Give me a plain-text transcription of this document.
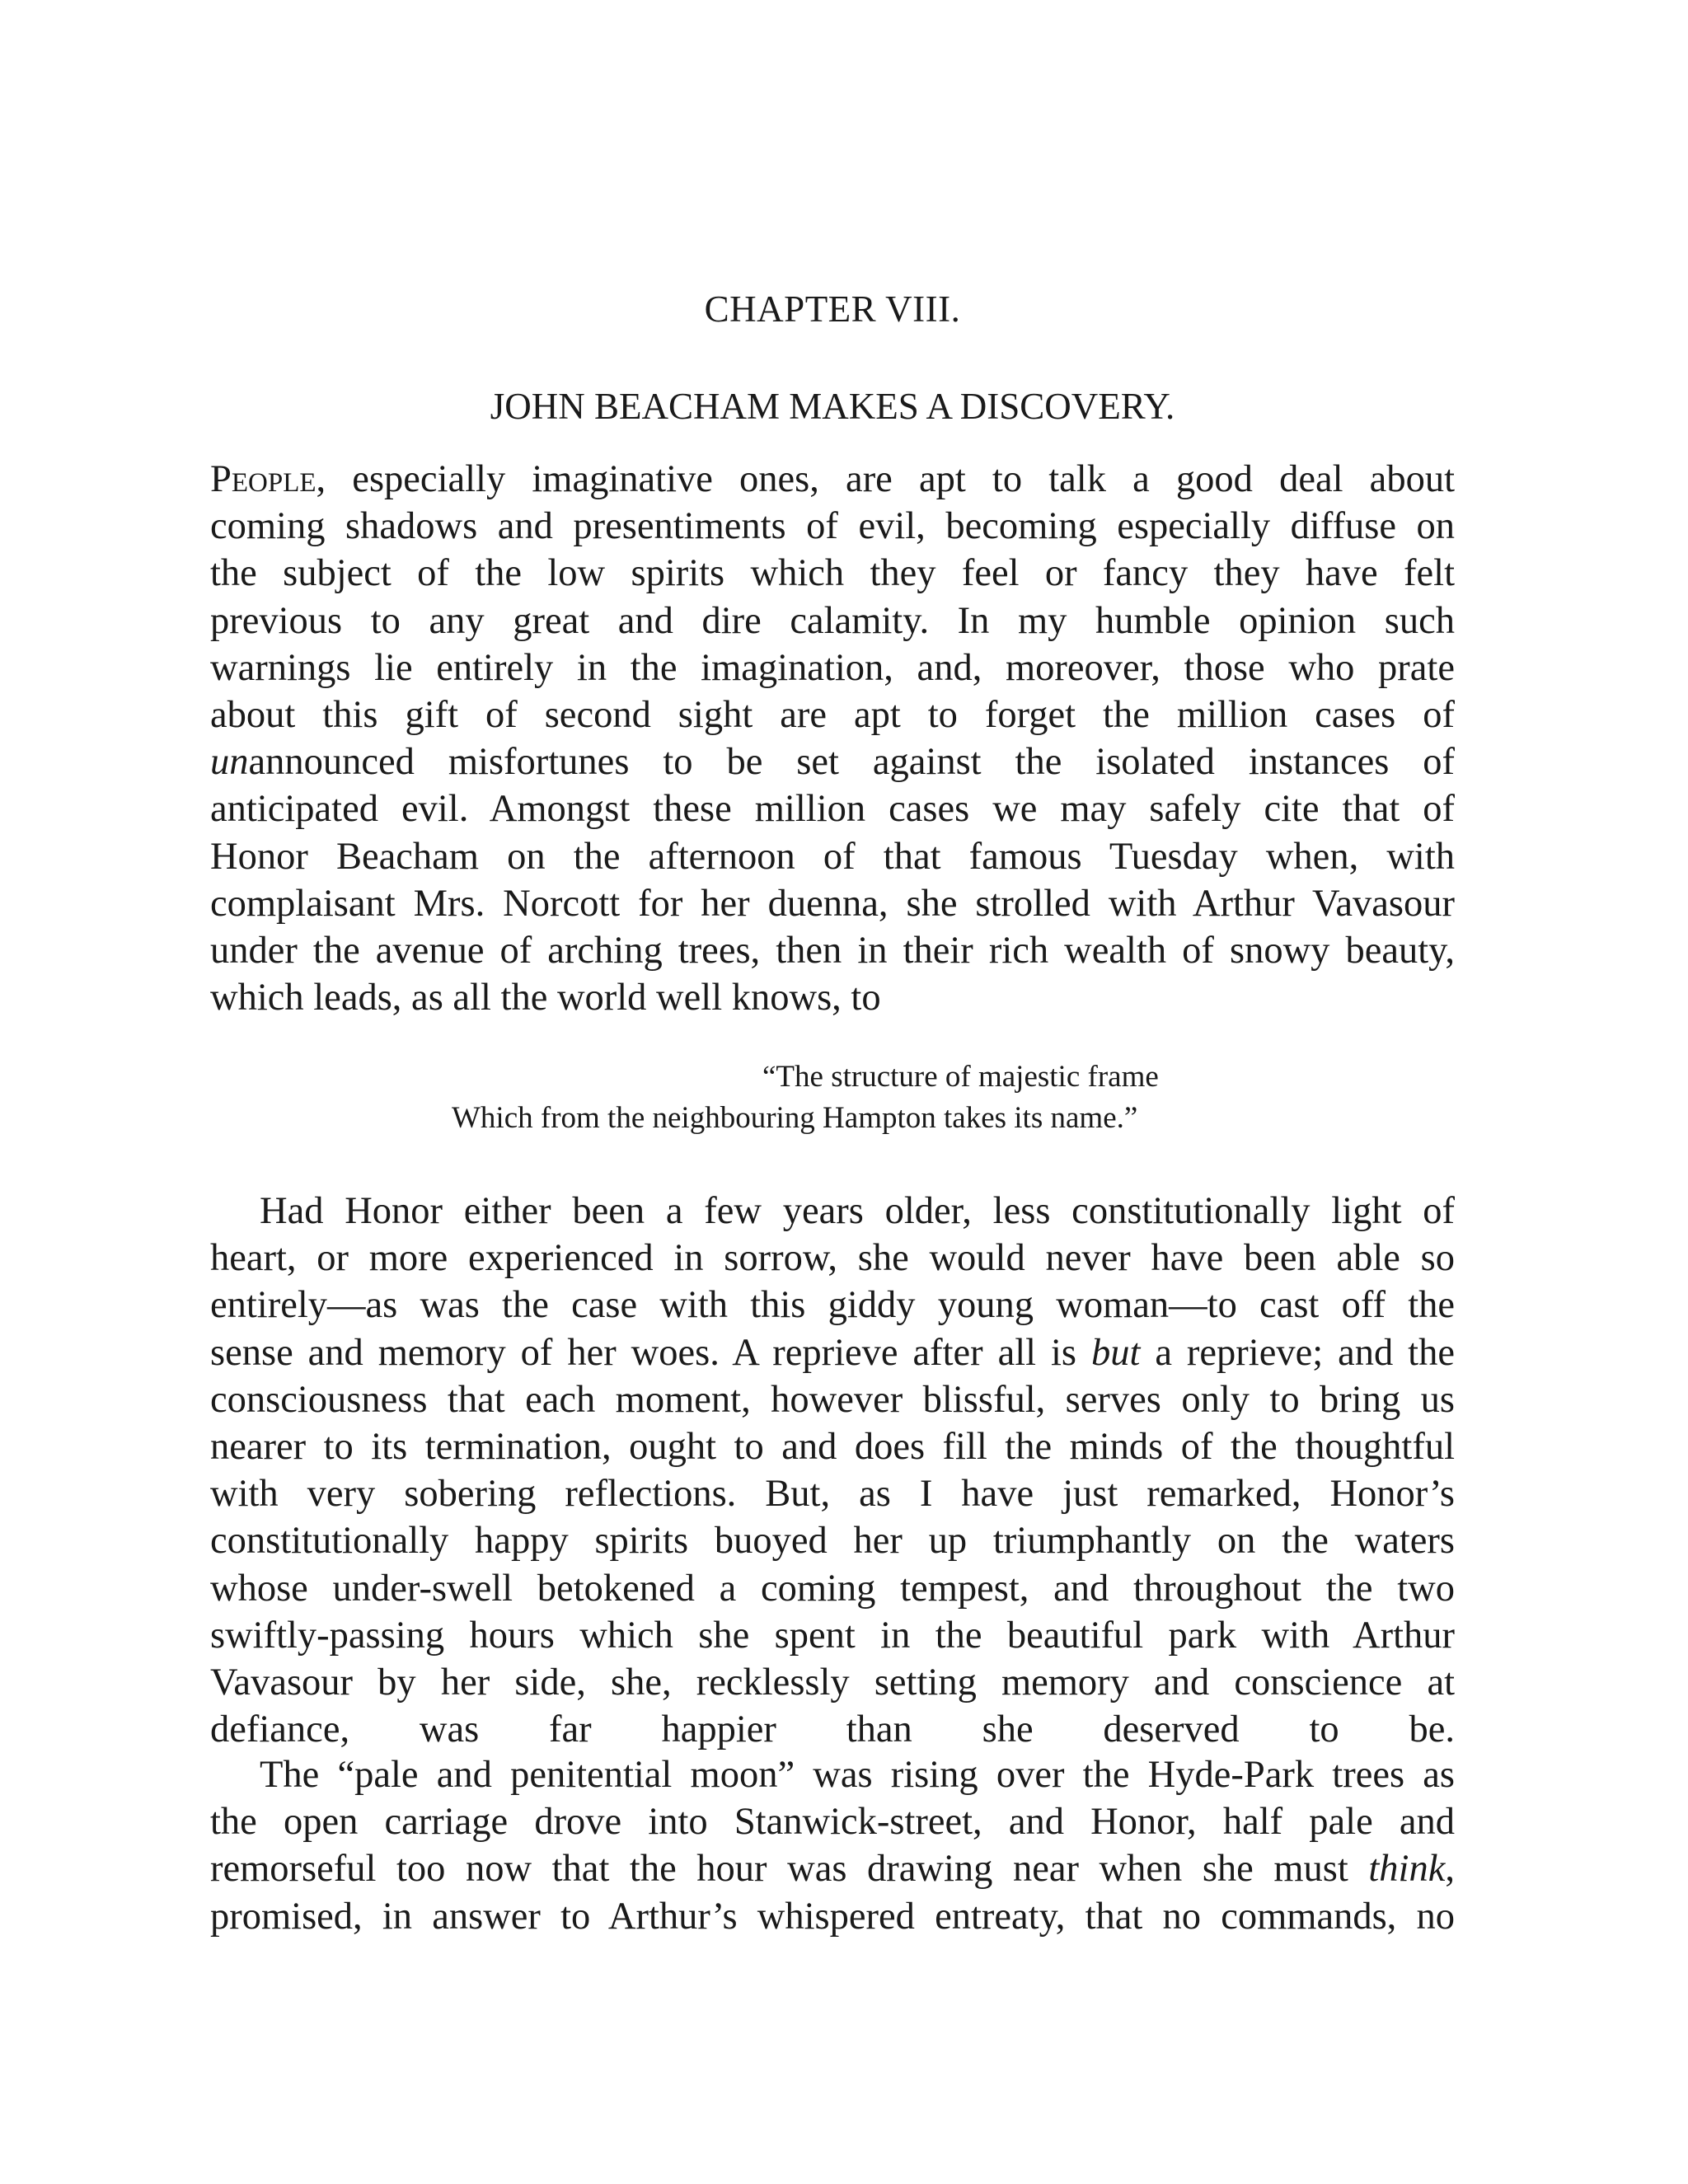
CHAPTER VIII.
JOHN BEACHAM MAKES A DISCOVERY.

People, especially imaginative ones, are apt to talk a good deal about
coming shadows and presentiments of evil, becoming especially diffuse on
the subject of the low spirits which they feel or fancy they have felt
previous to any great and dire calamity. In my humble opinion such
warnings lie entirely in the imagination, and, moreover, those who prate
about this gift of second sight are apt to forget the million cases of
unannounced misfortunes to be set against the isolated instances of
anticipated evil. Amongst these million cases we may safely cite that of
Honor Beacham on the afternoon of that famous Tuesday when, with
complaisant Mrs. Norcott for her duenna, she strolled with Arthur Vavasour
under the avenue of arching trees, then in their rich wealth of snowy beauty,
which leads, as all the world well knows, to

“The structure of majestic frame
Which from the neighbouring Hampton takes its name.”

Had Honor either been a few years older, less constitutionally light of
heart, or more experienced in sorrow, she would never have been able so
entirely—as was the case with this giddy young woman—to cast off the
sense and memory of her woes. A reprieve after all is but a reprieve; and the
consciousness that each moment, however blissful, serves only to bring us
nearer to its termination, ought to and does fill the minds of the thoughtful
with very sobering reflections. But, as I have just remarked, Honor’s
constitutionally happy spirits buoyed her up triumphantly on the waters
whose under-swell betokened a coming tempest, and throughout the two
swiftly-passing hours which she spent in the beautiful park with Arthur
Vavasour by her side, she, recklessly setting memory and conscience at
defiance, was far happier than she deserved to be.

The “pale and penitential moon” was rising over the Hyde-Park trees as
the open carriage drove into Stanwick-street, and Honor, half pale and
remorseful too now that the hour was drawing near when she must think,
promised, in answer to Arthur’s whispered entreaty, that no commands, no
